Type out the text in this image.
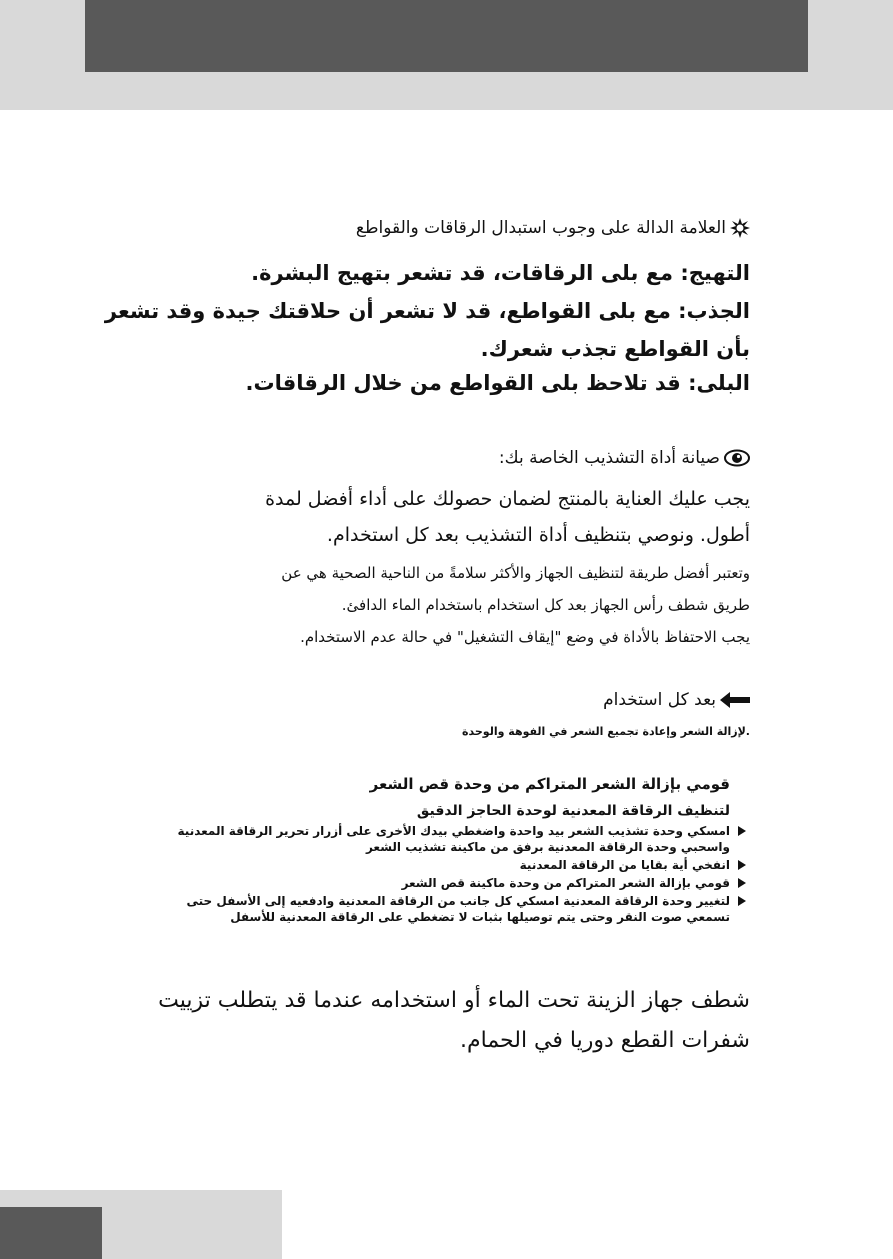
العلامة الدالة على وجوب استبدال الرقاقات والقواطع
التهيج: مع بلى الرقاقات، قد تشعر بتهيج البشرة.
الجذب: مع بلى القواطع، قد لا تشعر أن حلاقتك جيدة وقد تشعر
بأن القواطع تجذب شعرك.
البلى: قد تلاحظ بلى القواطع من خلال الرقاقات.
صيانة أداة التشذيب الخاصة بك:
يجب عليك العناية بالمنتج لضمان حصولك على أداء أفضل لمدة
أطول. ونوصي بتنظيف أداة التشذيب بعد كل استخدام.
وتعتبر أفضل طريقة لتنظيف الجهاز والأكثر سلامةً من الناحية الصحية هي عن
طريق شطف رأس الجهاز بعد كل استخدام باستخدام الماء الدافئ.
يجب الاحتفاظ بالأداة في وضع "إيقاف التشغيل" في حالة عدم الاستخدام.
بعد كل استخدام
.لإزالة الشعر وإعادة تجميع الشعر في الفوهة والوحدة
قومي بإزالة الشعر المتراكم من وحدة قص الشعر
لتنظيف الرقاقة المعدنية لوحدة الحاجز الدقيق
امسكي وحدة تشذيب الشعر بيد واحدة واضغطي بيدك الأخرى على أزرار تحرير الرقاقة المعدنية واسحبي وحدة الرقاقة المعدنية برفق من ماكينة تشذيب الشعر
انفخي أية بقايا من الرقاقة المعدنية
قومي بإزالة الشعر المتراكم من وحدة ماكينة قص الشعر
لتغيير وحدة الرقاقة المعدنية امسكي كل جانب من الرقاقة المعدنية وادفعيه إلى الأسفل حتى تسمعي صوت النقر وحتى يتم توصيلها بثبات لا تضغطي على الرقاقة المعدنية للأسفل
شطف جهاز الزينة تحت الماء أو استخدامه عندما قد يتطلب تزييت
شفرات القطع دوريا في الحمام.
